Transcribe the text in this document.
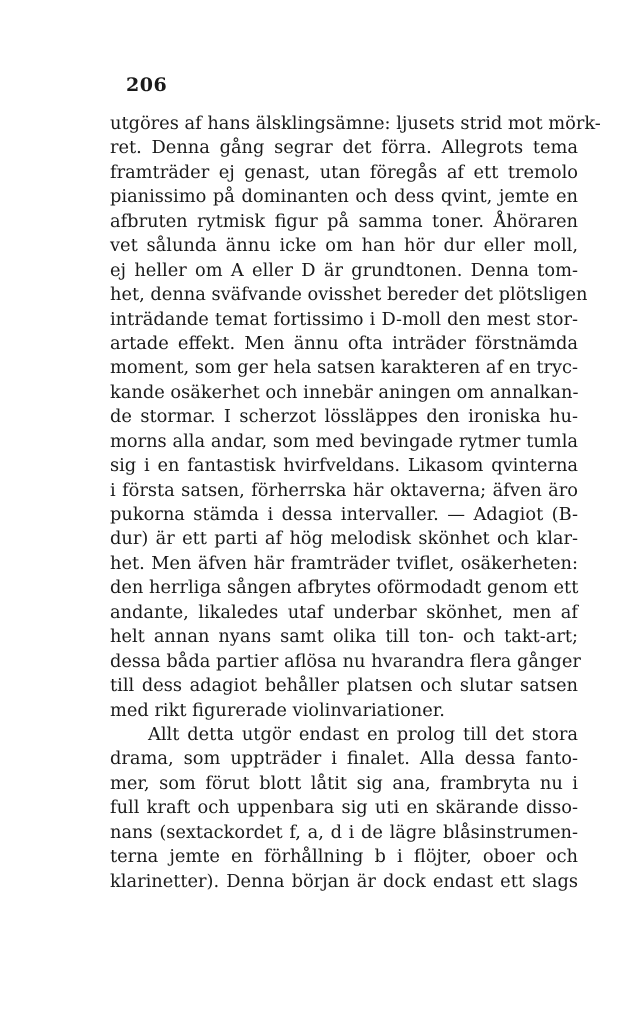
206
utgöres af hans älsklingsämne: ljusets strid mot mörk-
ret. Denna gång segrar det förra. Allegrots tema
framträder ej genast, utan föregås af ett tremolo
pianissimo på dominanten och dess qvint, jemte en
afbruten rytmisk figur på samma toner. Åhöraren
vet sålunda ännu icke om han hör dur eller moll,
ej heller om A eller D är grundtonen. Denna tom-
het, denna sväfvande ovisshet bereder det plötsligen
inträdande temat fortissimo i D-moll den mest stor-
artade effekt. Men ännu ofta inträder förstnämda
moment, som ger hela satsen karakteren af en tryc-
kande osäkerhet och innebär aningen om annalkan-
de stormar. I scherzot lössläppes den ironiska hu-
morns alla andar, som med bevingade rytmer tumla
sig i en fantastisk hvirfveldans. Likasom qvinterna
i första satsen, förherrska här oktaverna; äfven äro
pukorna stämda i dessa intervaller. — Adagiot (B-
dur) är ett parti af hög melodisk skönhet och klar-
het. Men äfven här framträder tviflet, osäkerheten:
den herrliga sången afbrytes oförmodadt genom ett
andante, likaledes utaf underbar skönhet, men af
helt annan nyans samt olika till ton- och takt-art;
dessa båda partier aflösa nu hvarandra flera gånger
till dess adagiot behåller platsen och slutar satsen
med rikt figurerade violinvariationer.
Allt detta utgör endast en prolog till det stora
drama, som uppträder i finalet. Alla dessa fanto-
mer, som förut blott låtit sig ana, frambryta nu i
full kraft och uppenbara sig uti en skärande disso-
nans (sextackordet f, a, d i de lägre blåsinstrumen-
terna jemte en förhållning b i flöjter, oboer och
klarinetter). Denna början är dock endast ett slags
